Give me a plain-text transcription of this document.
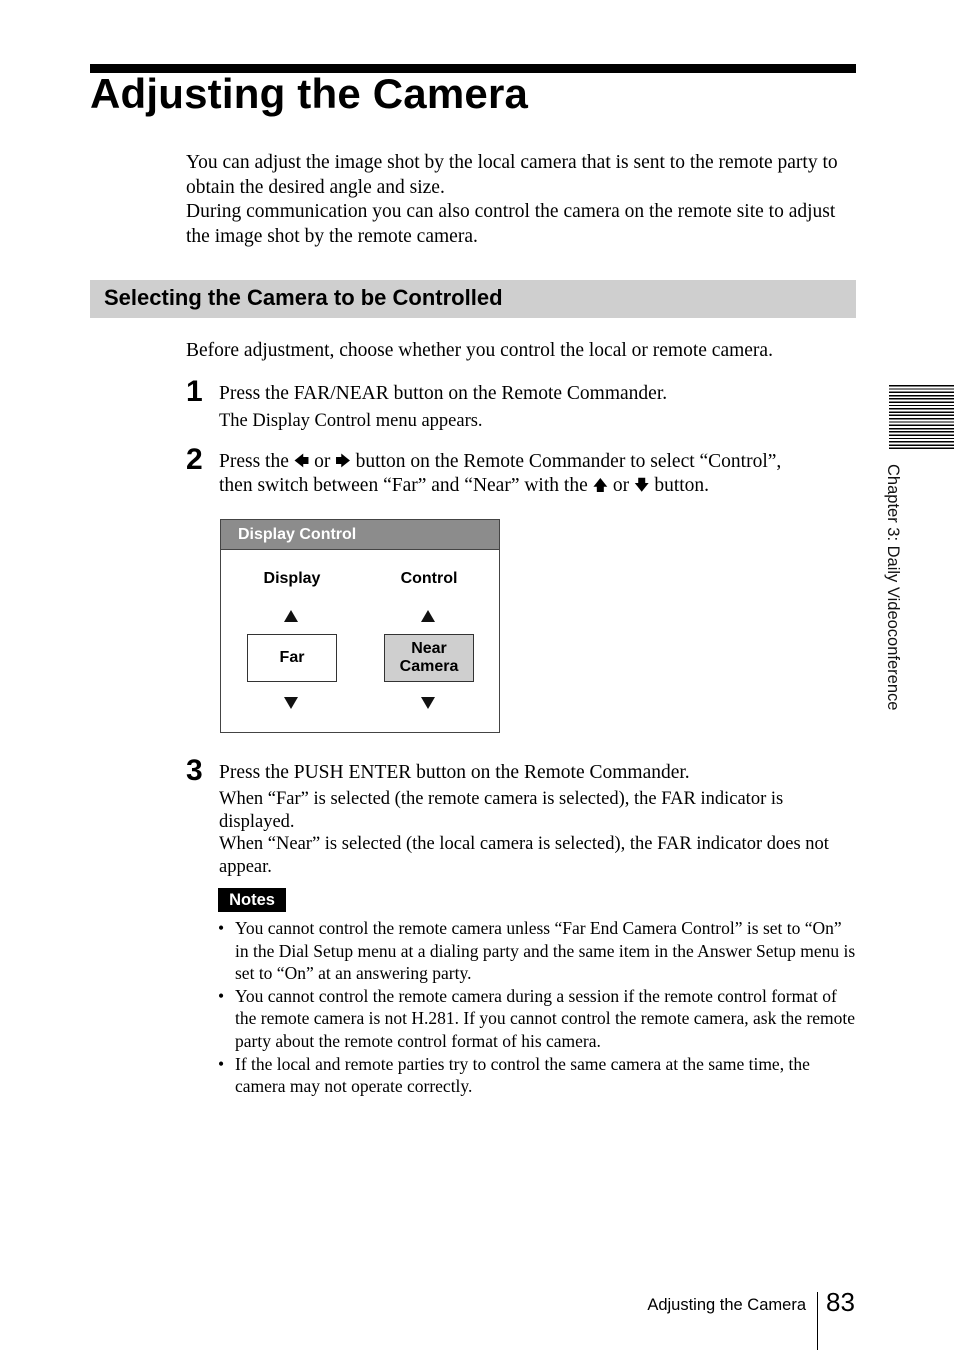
Adjusting the Camera

You can adjust the image shot by the local camera that is sent to the remote party to obtain the desired angle and size.

During communication you can also control the camera on the remote site to adjust the image shot by the remote camera.

Selecting the Camera to be Controlled
Before adjustment, choose whether you control the local or remote camera.
1 Press the FAR/NEAR button on the Remote Commander.
The Display Control menu appears.
2 Press the 🡄 or 🡆 button on the Remote Commander to select “Control”,
then switch between “Far” and “Near” with the 🡅 or 🡇 button.
Display Control
Display	Control
Far
Near
Camera
3 Press the PUSH ENTER button on the Remote Commander.
When “Far” is selected (the remote camera is selected), the FAR indicator is displayed.
When “Near” is selected (the local camera is selected), the FAR indicator does not appear.
Notes
• You cannot control the remote camera unless “Far End Camera Control” is set to “On” in the Dial Setup menu at a dialing party and the same item in the Answer Setup menu is set to “On” at an answering party.
• You cannot control the remote camera during a session if the remote control format of the remote camera is not H.281. If you cannot control the remote camera, ask the remote party about the remote control format of his camera.
• If the local and remote parties try to control the same camera at the same time, the camera may not operate correctly.
Chapter 3: Daily Videoconference
Adjusting the Camera 83
